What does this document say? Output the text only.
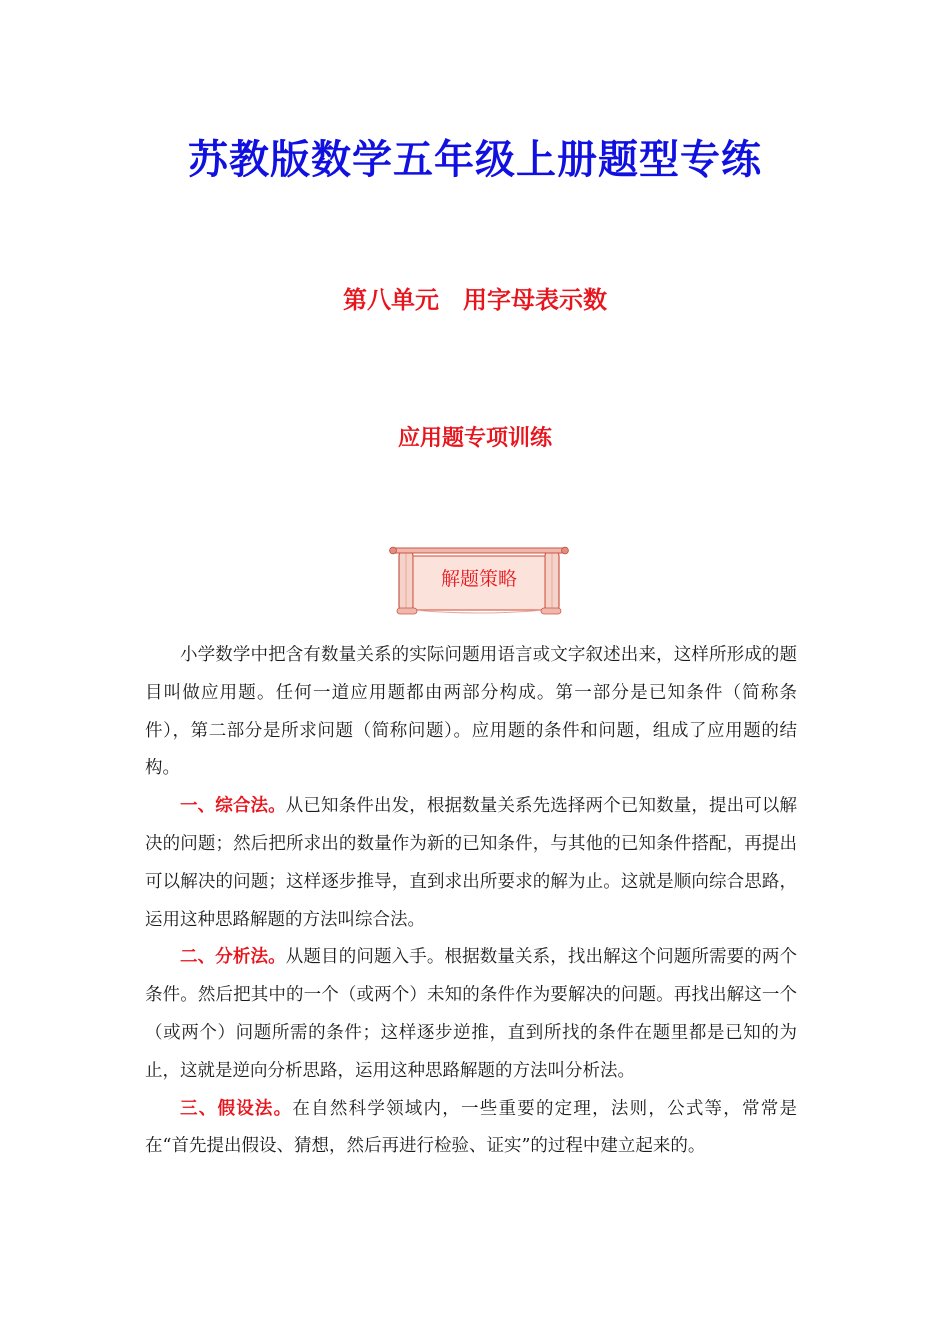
苏教版数学五年级上册题型专练
第八单元　用字母表示数
应用题专项训练
解题策略

小学数学中把含有数量关系的实际问题用语言或文字叙述出来，这样所形成的题目叫做应用题。任何一道应用题都由两部分构成。第一部分是已知条件（简称条件），第二部分是所求问题（简称问题）。应用题的条件和问题，组成了应用题的结构。

一、综合法。从已知条件出发，根据数量关系先选择两个已知数量，提出可以解决的问题；然后把所求出的数量作为新的已知条件，与其他的已知条件搭配，再提出可以解决的问题；这样逐步推导，直到求出所要求的解为止。这就是顺向综合思路，运用这种思路解题的方法叫综合法。

二、分析法。从题目的问题入手。根据数量关系，找出解这个问题所需要的两个条件。然后把其中的一个（或两个）未知的条件作为要解决的问题。再找出解这一个（或两个）问题所需的条件；这样逐步逆推，直到所找的条件在题里都是已知的为止，这就是逆向分析思路，运用这种思路解题的方法叫分析法。

三、假设法。在自然科学领域内，一些重要的定理，法则，公式等，常常是在“首先提出假设、猜想，然后再进行检验、证实”的过程中建立起来的。
